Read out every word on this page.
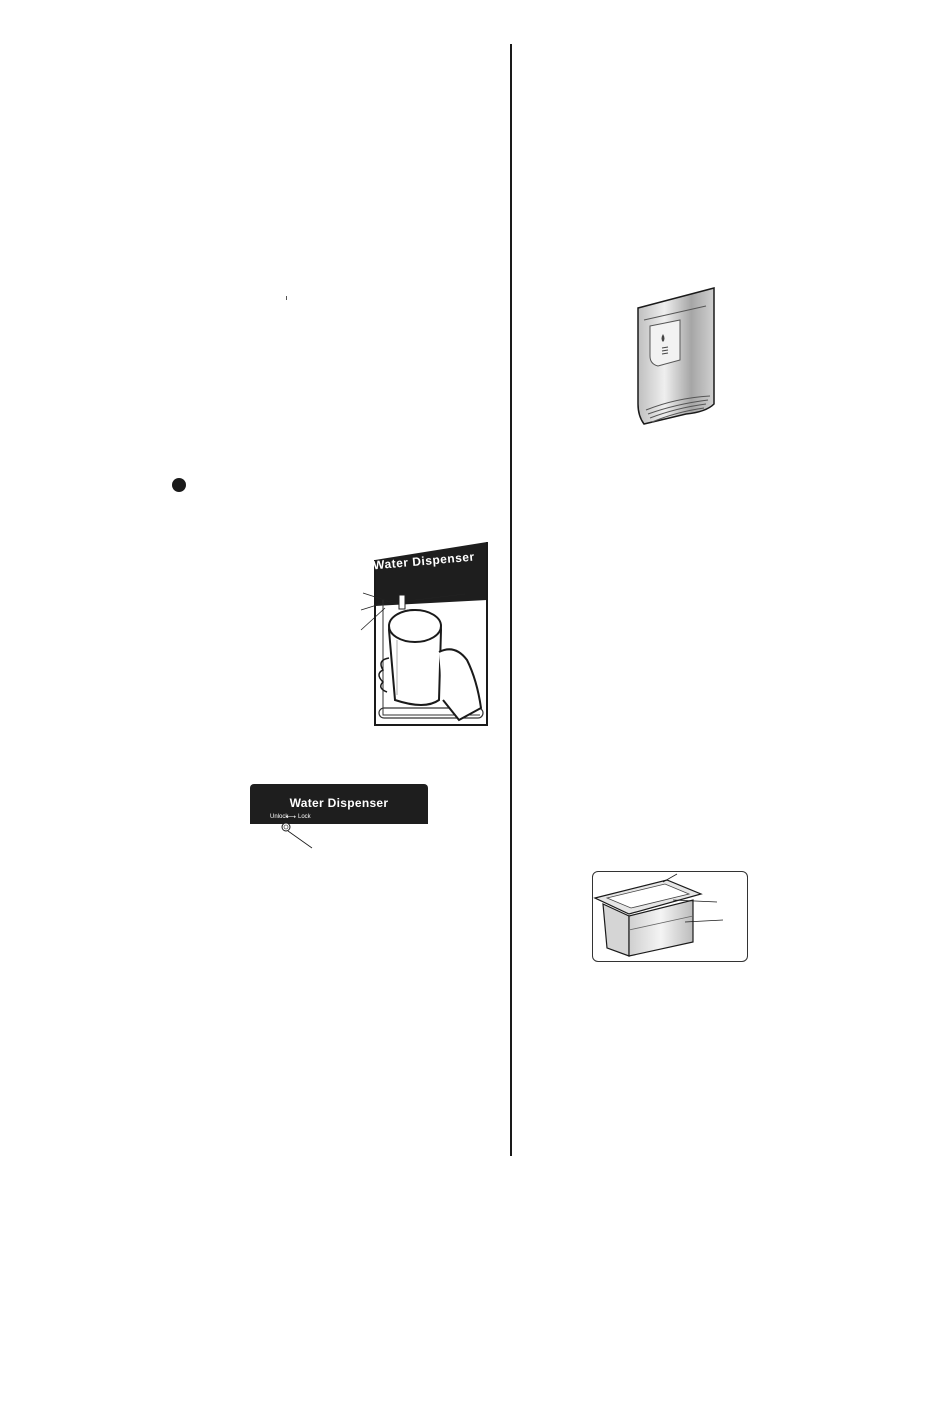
Water Dispenser
Water Dispenser
Unlock
⟷ Lock
